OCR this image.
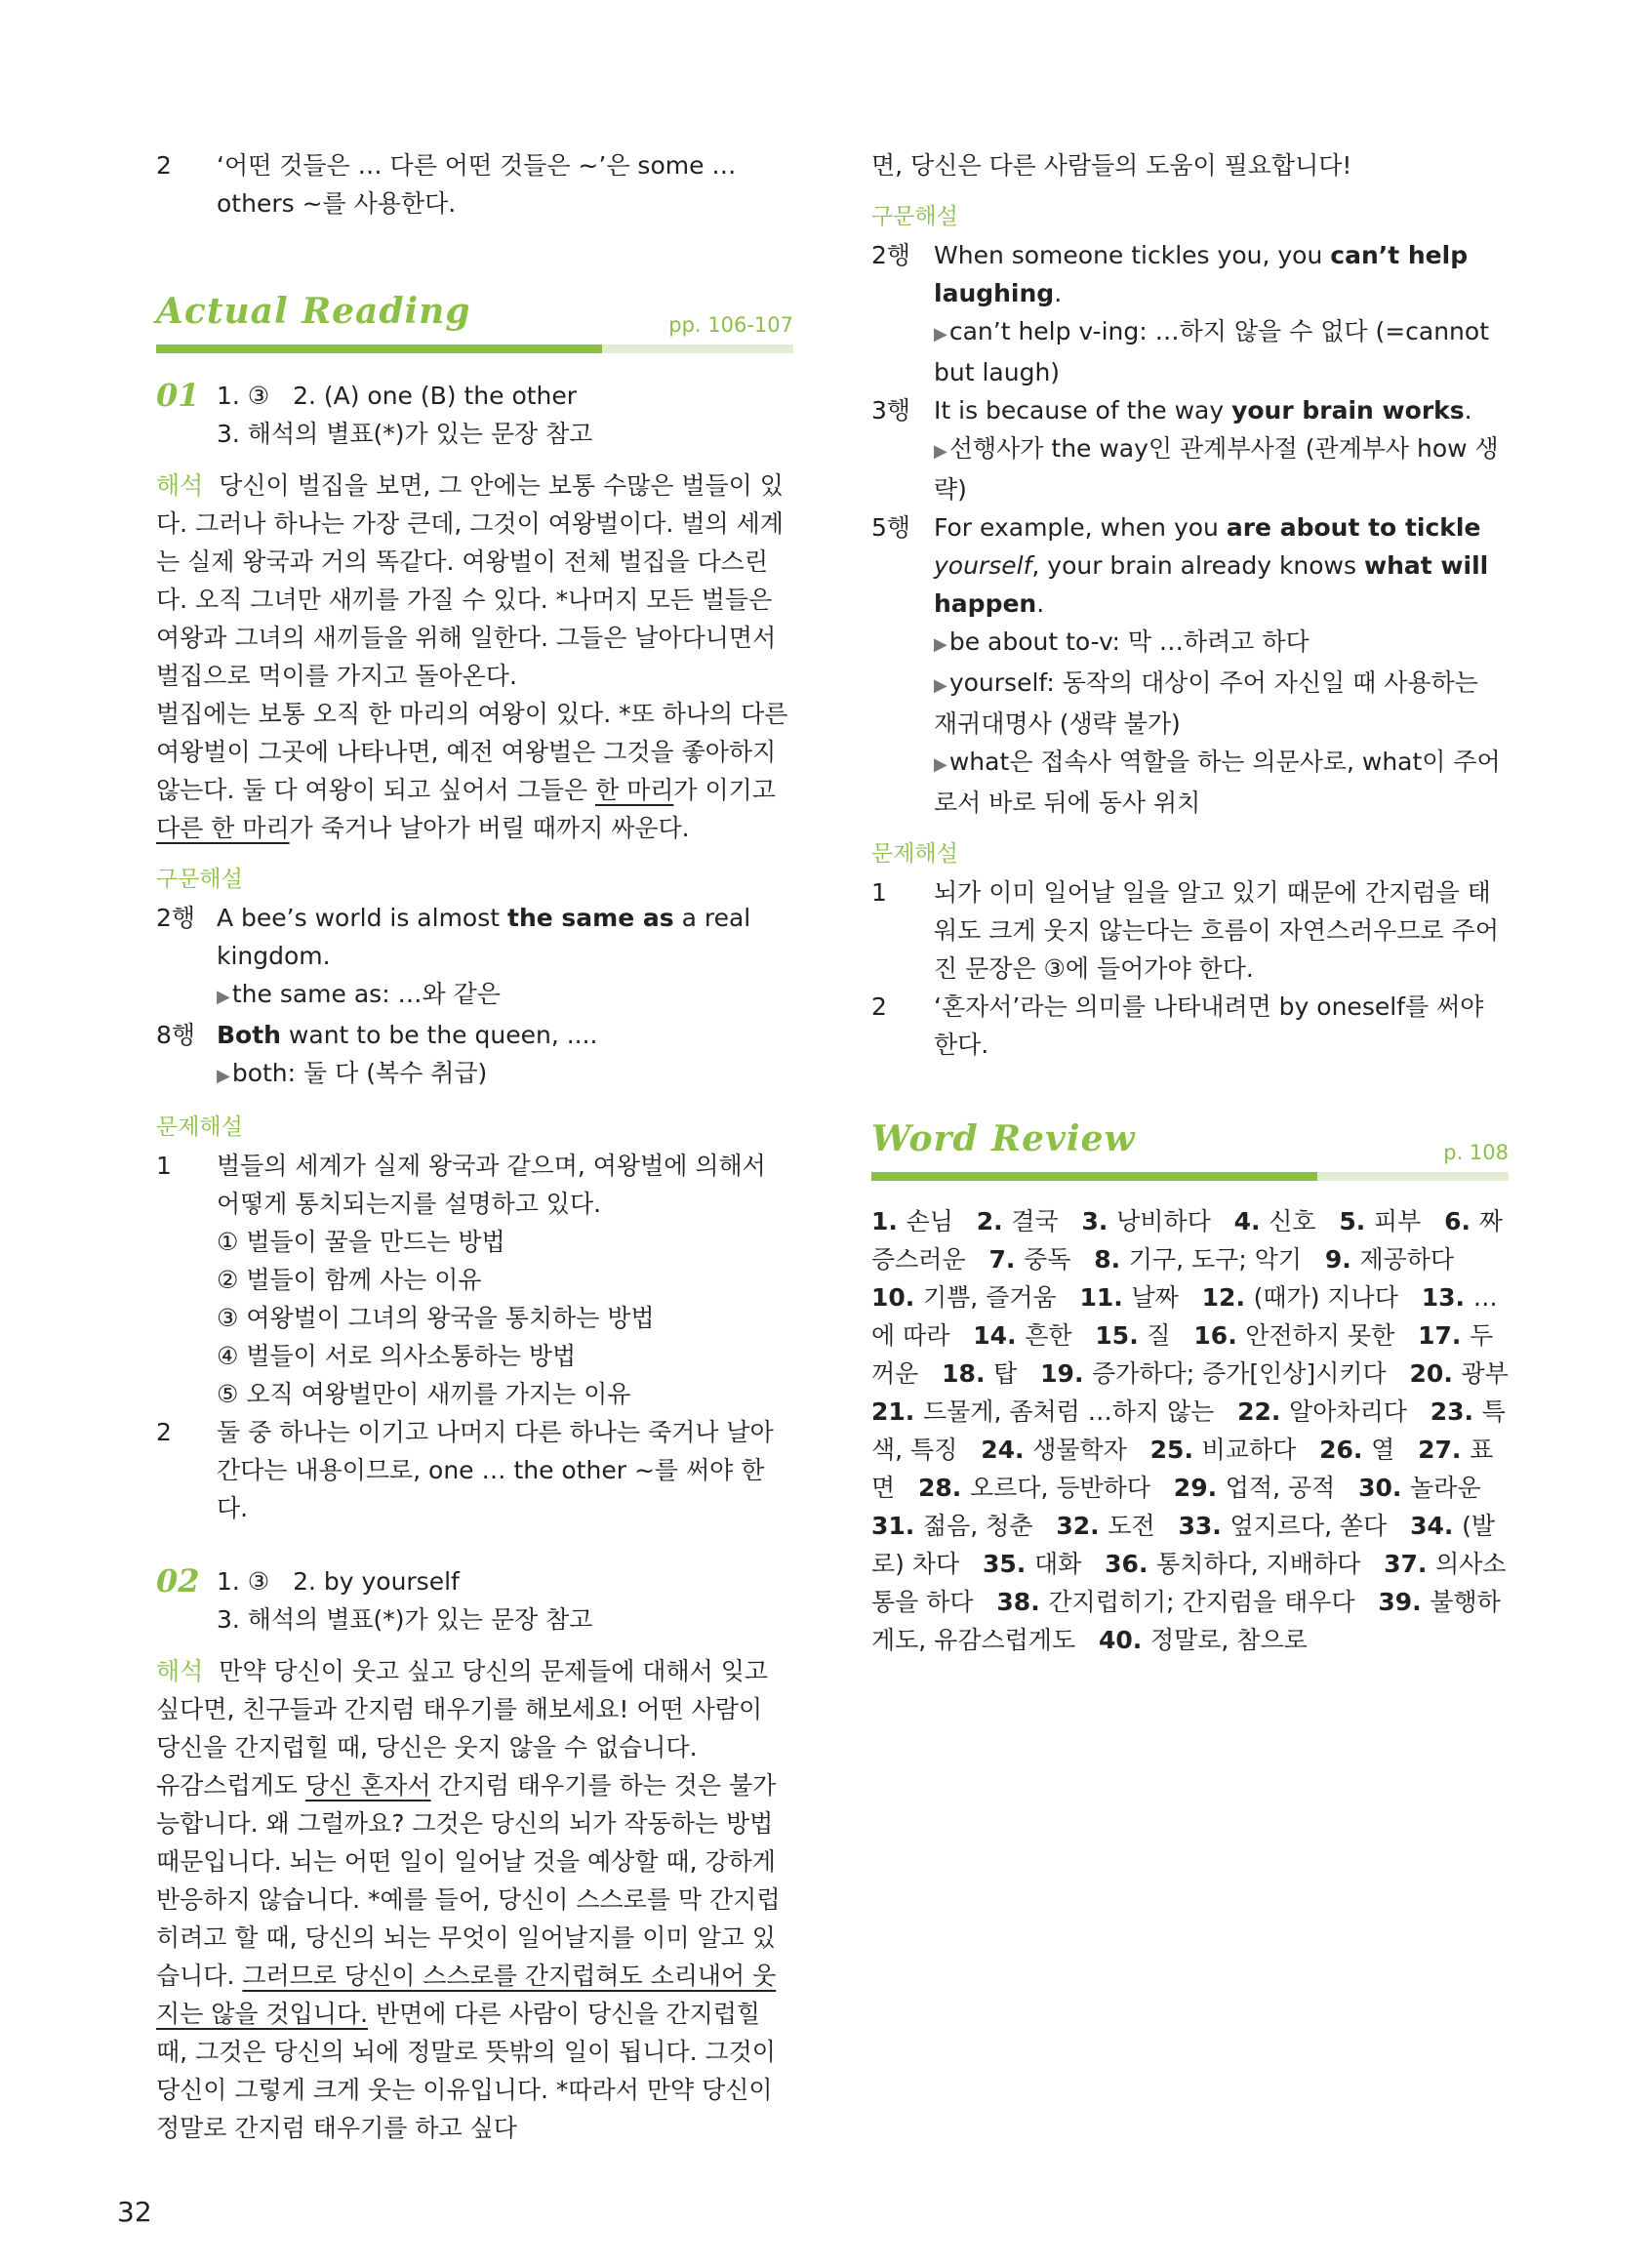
2	‘어떤 것들은 … 다른 어떤 것들은 ~’은 some … others ~를 사용한다.
Actual Reading	pp. 106-107
01 1. ③ 2. (A) one (B) the other
3. 해석의 별표(*)가 있는 문장 참고
해석 당신이 벌집을 보면, 그 안에는 보통 수많은 벌들이 있다. 그러나 하나는 가장 큰데, 그것이 여왕벌이다. 벌의 세계는 실제 왕국과 거의 똑같다. 여왕벌이 전체 벌집을 다스린다. 오직 그녀만 새끼를 가질 수 있다. *나머지 모든 벌들은 여왕과 그녀의 새끼들을 위해 일한다. 그들은 날아다니면서 벌집으로 먹이를 가지고 돌아온다.
벌집에는 보통 오직 한 마리의 여왕이 있다. *또 하나의 다른 여왕벌이 그곳에 나타나면, 예전 여왕벌은 그것을 좋아하지 않는다. 둘 다 여왕이 되고 싶어서 그들은 한 마리가 이기고 다른 한 마리가 죽거나 날아가 버릴 때까지 싸운다.
구문해설
2행 A bee’s world is almost the same as a real kingdom.
▶the same as: …와 같은
8행 Both want to be the queen, ....
▶both: 둘 다 (복수 취급)
문제해설
1	벌들의 세계가 실제 왕국과 같으며, 여왕벌에 의해서 어떻게 통치되는지를 설명하고 있다.
① 벌들이 꿀을 만드는 방법
② 벌들이 함께 사는 이유
③ 여왕벌이 그녀의 왕국을 통치하는 방법
④ 벌들이 서로 의사소통하는 방법
⑤ 오직 여왕벌만이 새끼를 가지는 이유
2	둘 중 하나는 이기고 나머지 다른 하나는 죽거나 날아간다는 내용이므로, one … the other ~를 써야 한다.
02 1. ③ 2. by yourself
3. 해석의 별표(*)가 있는 문장 참고
해석 만약 당신이 웃고 싶고 당신의 문제들에 대해서 잊고 싶다면, 친구들과 간지럼 태우기를 해보세요! 어떤 사람이 당신을 간지럽힐 때, 당신은 웃지 않을 수 없습니다.
유감스럽게도 당신 혼자서 간지럼 태우기를 하는 것은 불가능합니다. 왜 그럴까요? 그것은 당신의 뇌가 작동하는 방법 때문입니다. 뇌는 어떤 일이 일어날 것을 예상할 때, 강하게 반응하지 않습니다. *예를 들어, 당신이 스스로를 막 간지럽히려고 할 때, 당신의 뇌는 무엇이 일어날지를 이미 알고 있습니다. 그러므로 당신이 스스로를 간지럽혀도 소리내어 웃지는 않을 것입니다. 반면에 다른 사람이 당신을 간지럽힐 때, 그것은 당신의 뇌에 정말로 뜻밖의 일이 됩니다. 그것이 당신이 그렇게 크게 웃는 이유입니다. *따라서 만약 당신이 정말로 간지럼 태우기를 하고 싶다
면, 당신은 다른 사람들의 도움이 필요합니다!
구문해설
2행 When someone tickles you, you can’t help laughing.
▶can’t help v-ing: …하지 않을 수 없다 (=cannot but laugh)
3행 It is because of the way your brain works.
▶선행사가 the way인 관계부사절 (관계부사 how 생략)
5행 For example, when you are about to tickle yourself, your brain already knows what will happen.
▶be about to-v: 막 …하려고 하다
▶yourself: 동작의 대상이 주어 자신일 때 사용하는 재귀대명사 (생략 불가)
▶what은 접속사 역할을 하는 의문사로, what이 주어로서 바로 뒤에 동사 위치
문제해설
1	뇌가 이미 일어날 일을 알고 있기 때문에 간지럼을 태워도 크게 웃지 않는다는 흐름이 자연스러우므로 주어진 문장은 ③에 들어가야 한다.
2	‘혼자서’라는 의미를 나타내려면 by oneself를 써야 한다.
Word Review	p. 108
1. 손님 2. 결국 3. 낭비하다 4. 신호 5. 피부 6. 짜증스러운 7. 중독 8. 기구, 도구; 악기 9. 제공하다   10. 기쁨, 즐거움 11. 날짜 12. (때가) 지나다 13. …에 따라 14. 흔한 15. 질 16. 안전하지 못한 17. 두꺼운 18. 탑 19. 증가하다; 증가[인상]시키다 20. 광부   21. 드물게, 좀처럼 …하지 않는 22. 알아차리다 23. 특색, 특징 24. 생물학자 25. 비교하다 26. 열 27. 표면 28. 오르다, 등반하다 29. 업적, 공적 30. 놀라운   31. 젊음, 청춘 32. 도전 33. 엎지르다, 쏟다 34. (발로) 차다 35. 대화 36. 통치하다, 지배하다 37. 의사소통을 하다 38. 간지럽히기; 간지럼을 태우다 39. 불행하게도, 유감스럽게도 40. 정말로, 참으로
32
